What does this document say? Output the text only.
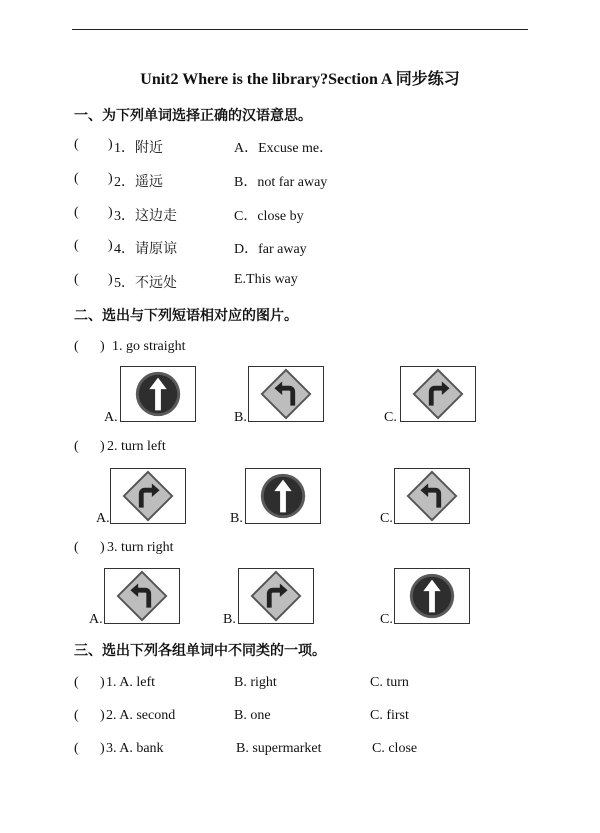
Unit2 Where is the library?Section A 同步练习
一、为下列单词选择正确的汉语意思。
( ) 1．附近	A．Excuse me．
( ) 2．遥远	B．not far away
( ) 3．这边走	C．close by
( ) 4．请原谅	D．far away
( ) 5．不远处	E.This way
二、选出与下列短语相对应的图片。
( ) 1. go straight
A.	B.	C.
( ) 2. turn left
A.	B.	C.
( ) 3. turn right
A.	B.	C.
三、选出下列各组单词中不同类的一项。
( ) 1. A. left	B. right	C. turn
( ) 2. A. second	B. one	C. first
( ) 3. A. bank	B. supermarket	C. close
